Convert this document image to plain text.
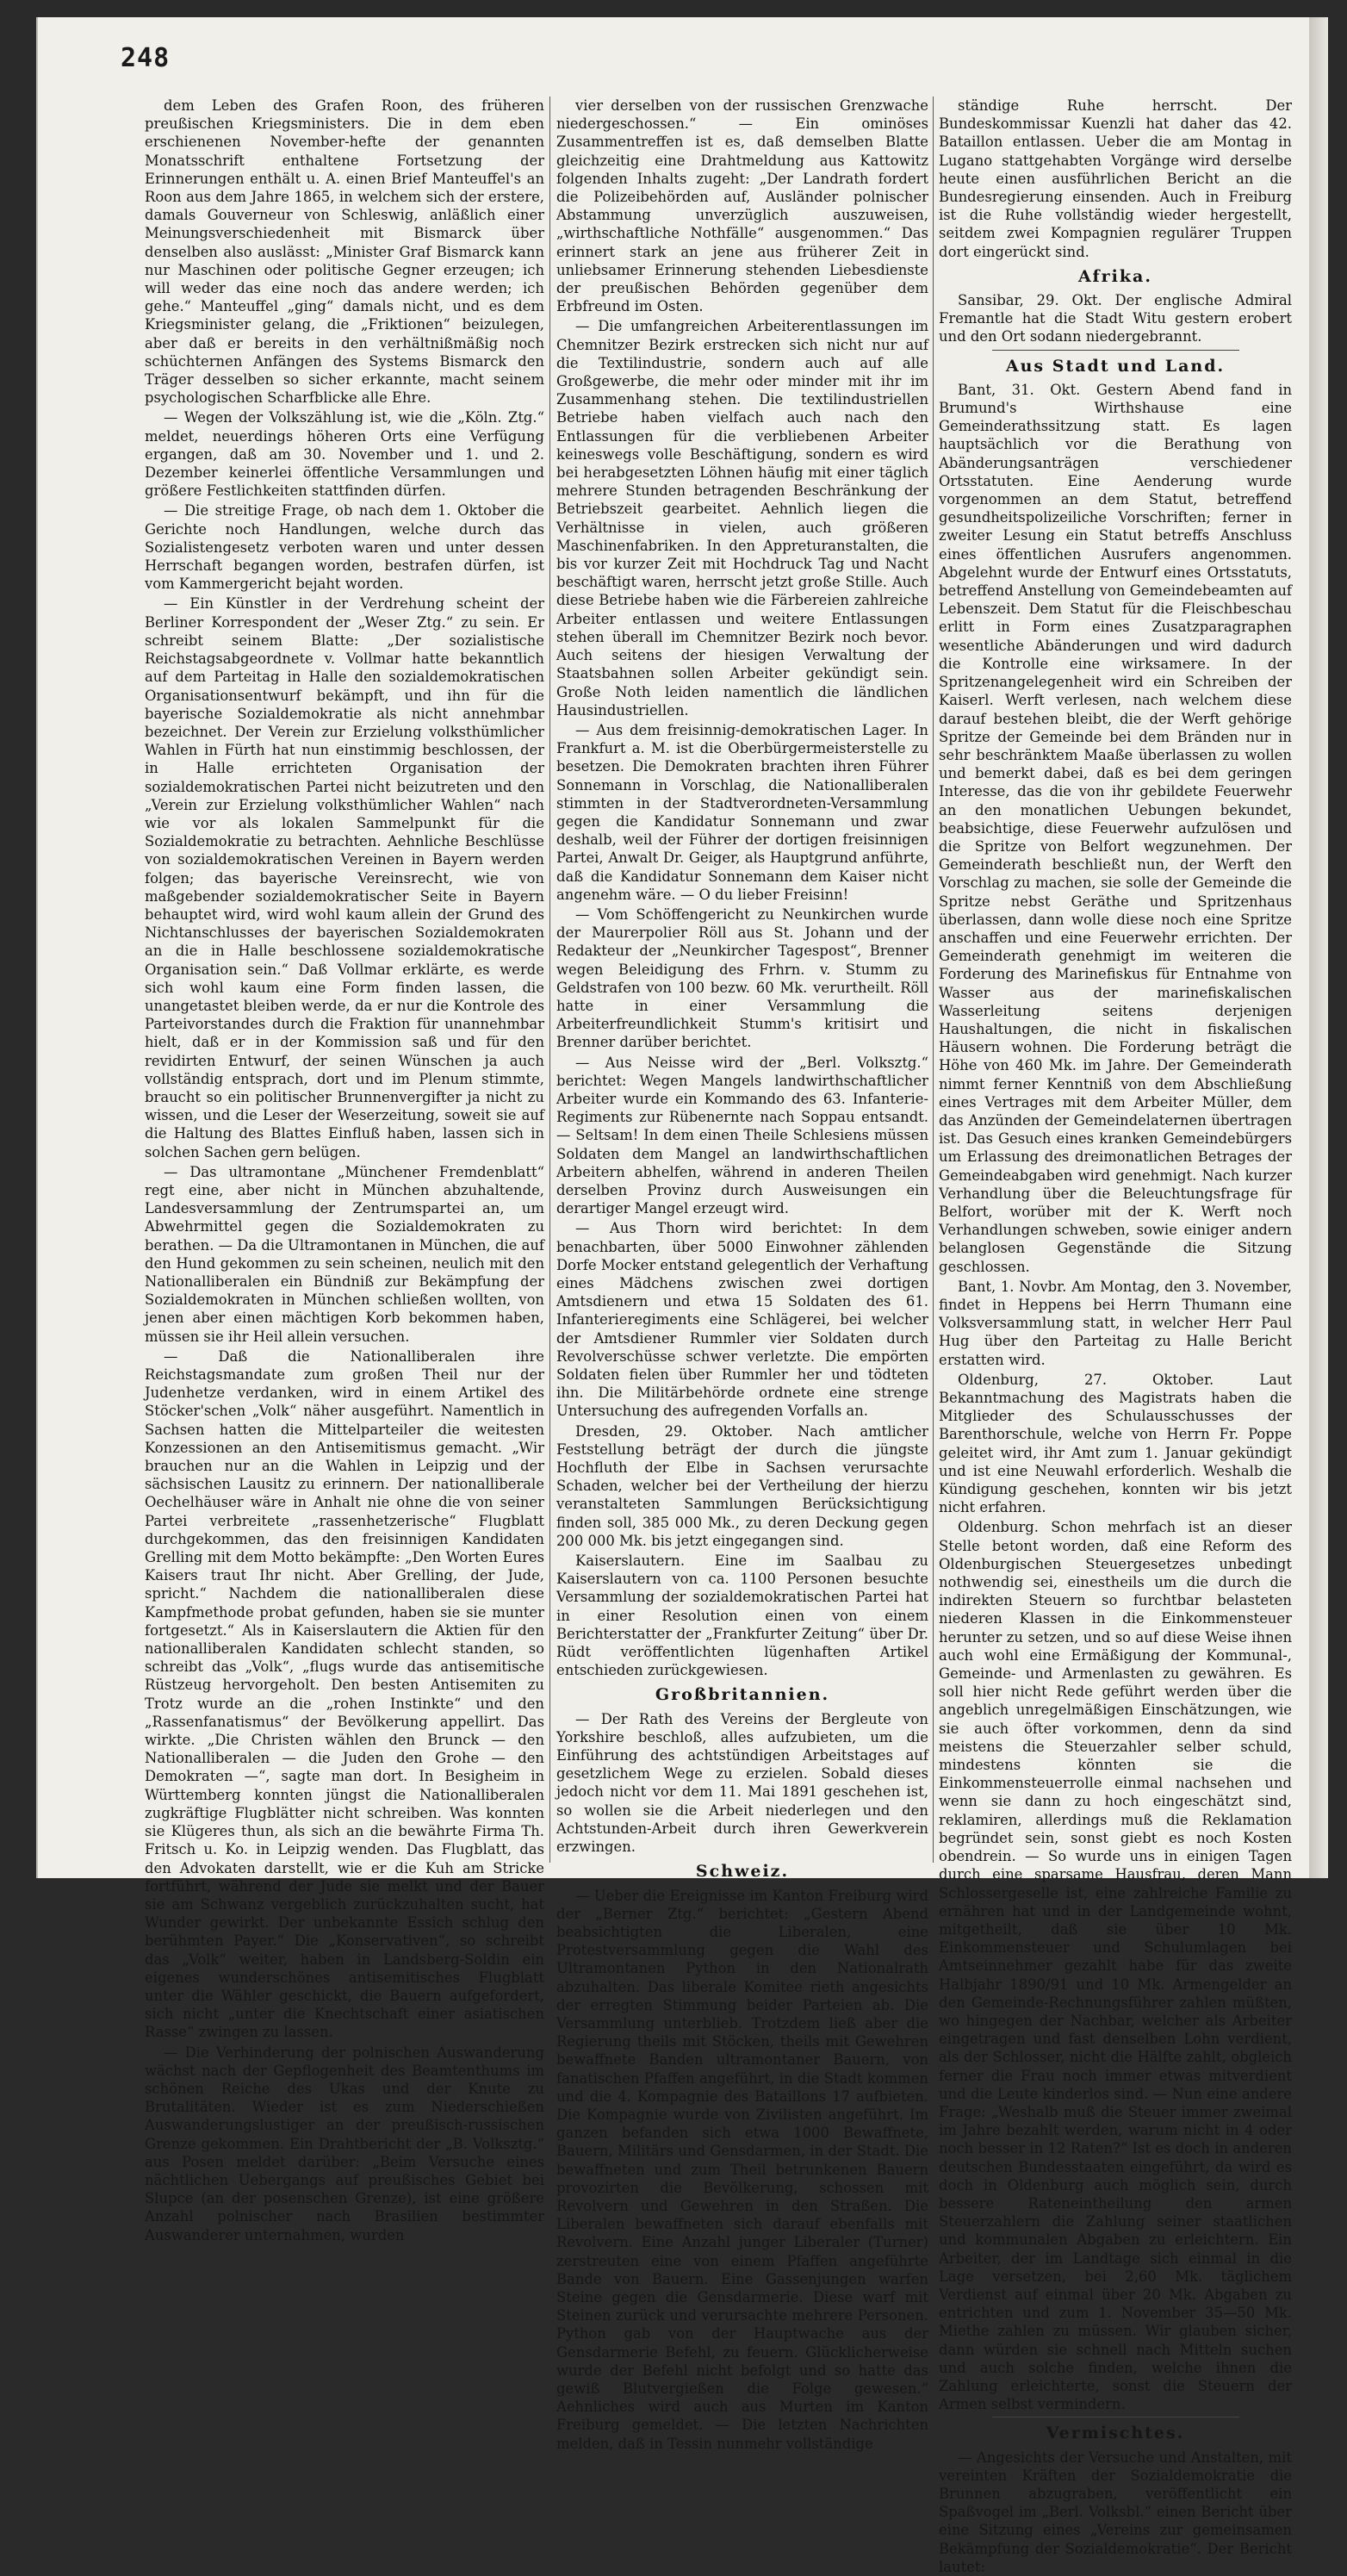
248

dem Leben des Grafen Roon, des früheren preußischen Kriegsministers. Die in dem eben erschienenen November-hefte der genannten Monatsschrift enthaltene Fortsetzung der Erinnerungen enthält u. A. einen Brief Manteuffel's an Roon aus dem Jahre 1865, in welchem sich der erstere, damals Gouverneur von Schleswig, anläßlich einer Meinungsverschiedenheit mit Bismarck über denselben also auslässt: „Minister Graf Bismarck kann nur Maschinen oder politische Gegner erzeugen; ich will weder das eine noch das andere werden; ich gehe.“ Manteuffel „ging“ damals nicht, und es dem Kriegsminister gelang, die „Friktionen“ beizulegen, aber daß er bereits in den verhältnißmäßig noch schüchternen Anfängen des Systems Bismarck den Träger desselben so sicher erkannte, macht seinem psychologischen Scharfblicke alle Ehre.

— Wegen der Volkszählung ist, wie die „Köln. Ztg.“ meldet, neuerdings höheren Orts eine Verfügung ergangen, daß am 30. November und 1. und 2. Dezember keinerlei öffentliche Versammlungen und größere Festlichkeiten stattfinden dürfen.

— Die streitige Frage, ob nach dem 1. Oktober die Gerichte noch Handlungen, welche durch das Sozialistengesetz verboten waren und unter dessen Herrschaft begangen worden, bestrafen dürfen, ist vom Kammergericht bejaht worden.

— Ein Künstler in der Verdrehung scheint der Berliner Korrespondent der „Weser Ztg.“ zu sein. Er schreibt seinem Blatte: „Der sozialistische Reichstagsabgeordnete v. Vollmar hatte bekanntlich auf dem Parteitag in Halle den sozialdemokratischen Organisationsentwurf bekämpft, und ihn für die bayerische Sozialdemokratie als nicht annehmbar bezeichnet. Der Verein zur Erzielung volksthümlicher Wahlen in Fürth hat nun einstimmig beschlossen, der in Halle errichteten Organisation der sozialdemokratischen Partei nicht beizutreten und den „Verein zur Erzielung volksthümlicher Wahlen“ nach wie vor als lokalen Sammelpunkt für die Sozialdemokratie zu betrachten. Aehnliche Beschlüsse von sozialdemokratischen Vereinen in Bayern werden folgen; das bayerische Vereinsrecht, wie von maßgebender sozialdemokratischer Seite in Bayern behauptet wird, wird wohl kaum allein der Grund des Nichtanschlusses der bayerischen Sozialdemokraten an die in Halle beschlossene sozialdemokratische Organisation sein.“ Daß Vollmar erklärte, es werde sich wohl kaum eine Form finden lassen, die unangetastet bleiben werde, da er nur die Kontrole des Parteivorstandes durch die Fraktion für unannehmbar hielt, daß er in der Kommission saß und für den revidirten Entwurf, der seinen Wünschen ja auch vollständig entsprach, dort und im Plenum stimmte, braucht so ein politischer Brunnenvergifter ja nicht zu wissen, und die Leser der Weserzeitung, soweit sie auf die Haltung des Blattes Einfluß haben, lassen sich in solchen Sachen gern belügen.

— Das ultramontane „Münchener Fremdenblatt“ regt eine, aber nicht in München abzuhaltende, Landesversammlung der Zentrumspartei an, um Abwehrmittel gegen die Sozialdemokraten zu berathen. — Da die Ultramontanen in München, die auf den Hund gekommen zu sein scheinen, neulich mit den Nationalliberalen ein Bündniß zur Bekämpfung der Sozialdemokraten in München schließen wollten, von jenen aber einen mächtigen Korb bekommen haben, müssen sie ihr Heil allein versuchen.

— Daß die Nationalliberalen ihre Reichstagsmandate zum großen Theil nur der Judenhetze verdanken, wird in einem Artikel des Stöcker'schen „Volk“ näher ausgeführt. Namentlich in Sachsen hatten die Mittelparteiler die weitesten Konzessionen an den Antisemitismus gemacht. „Wir brauchen nur an die Wahlen in Leipzig und der sächsischen Lausitz zu erinnern. Der nationalliberale Oechelhäuser wäre in Anhalt nie ohne die von seiner Partei verbreitete „rassenhetzerische“ Flugblatt durchgekommen, das den freisinnigen Kandidaten Grelling mit dem Motto bekämpfte: „Den Worten Eures Kaisers traut Ihr nicht. Aber Grelling, der Jude, spricht.“ Nachdem die nationalliberalen diese Kampfmethode probat gefunden, haben sie sie munter fortgesetzt.“ Als in Kaiserslautern die Aktien für den nationalliberalen Kandidaten schlecht standen, so schreibt das „Volk“, „flugs wurde das antisemitische Rüstzeug hervorgeholt. Den besten Antisemiten zu Trotz wurde an die „rohen Instinkte“ und den „Rassenfanatismus“ der Bevölkerung appellirt. Das wirkte. „Die Christen wählen den Brunck — den Nationalliberalen — die Juden den Grohe — den Demokraten —“, sagte man dort. In Besigheim in Württemberg konnten jüngst die Nationalliberalen zugkräftige Flugblätter nicht schreiben. Was konnten sie Klügeres thun, als sich an die bewährte Firma Th. Fritsch u. Ko. in Leipzig wenden. Das Flugblatt, das den Advokaten darstellt, wie er die Kuh am Stricke fortführt, während der Jude sie melkt und der Bauer sie am Schwanz vergeblich zurückzuhalten sucht, hat Wunder gewirkt. Der unbekannte Essich schlug den berühmten Payer.“ Die „Konservativen“, so schreibt das „Volk“ weiter, haben in Landsberg-Soldin ein eigenes wunderschönes antisemitisches Flugblatt unter die Wähler geschickt, die Bauern aufgefordert, sich nicht „unter die Knechtschaft einer asiatischen Rasse“ zwingen zu lassen.

— Die Verhinderung der polnischen Auswanderung wächst nach der Gepflogenheit des Beamtenthums im schönen Reiche des Ukas und der Knute zu Brutalitäten. Wieder ist es zum Niederschießen Auswanderungslustiger an der preußisch-russischen Grenze gekommen. Ein Drahtbericht der „B. Volksztg.“ aus Posen meldet darüber: „Beim Versuche eines nächtlichen Uebergangs auf preußisches Gebiet bei Slupce (an der posenschen Grenze), ist eine größere Anzahl polnischer nach Brasilien bestimmter Auswanderer unternahmen, wurden

vier derselben von der russischen Grenzwache niedergeschossen.“ — Ein ominöses Zusammentreffen ist es, daß demselben Blatte gleichzeitig eine Drahtmeldung aus Kattowitz folgenden Inhalts zugeht: „Der Landrath fordert die Polizeibehörden auf, Ausländer polnischer Abstammung unverzüglich auszuweisen, „wirthschaftliche Nothfälle“ ausgenommen.“ Das erinnert stark an jene aus früherer Zeit in unliebsamer Erinnerung stehenden Liebesdienste der preußischen Behörden gegenüber dem Erbfreund im Osten.

— Die umfangreichen Arbeiterentlassungen im Chemnitzer Bezirk erstrecken sich nicht nur auf die Textilindustrie, sondern auch auf alle Großgewerbe, die mehr oder minder mit ihr im Zusammenhang stehen. Die textilindustriellen Betriebe haben vielfach auch nach den Entlassungen für die verbliebenen Arbeiter keineswegs volle Beschäftigung, sondern es wird bei herabgesetzten Löhnen häufig mit einer täglich mehrere Stunden betragenden Beschränkung der Betriebszeit gearbeitet. Aehnlich liegen die Verhältnisse in vielen, auch größeren Maschinenfabriken. In den Appreturanstalten, die bis vor kurzer Zeit mit Hochdruck Tag und Nacht beschäftigt waren, herrscht jetzt große Stille. Auch diese Betriebe haben wie die Färbereien zahlreiche Arbeiter entlassen und weitere Entlassungen stehen überall im Chemnitzer Bezirk noch bevor. Auch seitens der hiesigen Verwaltung der Staatsbahnen sollen Arbeiter gekündigt sein. Große Noth leiden namentlich die ländlichen Hausindustriellen.

— Aus dem freisinnig-demokratischen Lager. In Frankfurt a. M. ist die Oberbürgermeisterstelle zu besetzen. Die Demokraten brachten ihren Führer Sonnemann in Vorschlag, die Nationalliberalen stimmten in der Stadtverordneten-Versammlung gegen die Kandidatur Sonnemann und zwar deshalb, weil der Führer der dortigen freisinnigen Partei, Anwalt Dr. Geiger, als Hauptgrund anführte, daß die Kandidatur Sonnemann dem Kaiser nicht angenehm wäre. — O du lieber Freisinn!

— Vom Schöffengericht zu Neunkirchen wurde der Maurerpolier Röll aus St. Johann und der Redakteur der „Neunkircher Tagespost“, Brenner wegen Beleidigung des Frhrn. v. Stumm zu Geldstrafen von 100 bezw. 60 Mk. verurtheilt. Röll hatte in einer Versammlung die Arbeiterfreundlichkeit Stumm's kritisirt und Brenner darüber berichtet.

— Aus Neisse wird der „Berl. Volksztg.“ berichtet: Wegen Mangels landwirthschaftlicher Arbeiter wurde ein Kommando des 63. Infanterie-Regiments zur Rübenernte nach Soppau entsandt. — Seltsam! In dem einen Theile Schlesiens müssen Soldaten dem Mangel an landwirthschaftlichen Arbeitern abhelfen, während in anderen Theilen derselben Provinz durch Ausweisungen ein derartiger Mangel erzeugt wird.

— Aus Thorn wird berichtet: In dem benachbarten, über 5000 Einwohner zählenden Dorfe Mocker entstand gelegentlich der Verhaftung eines Mädchens zwischen zwei dortigen Amtsdienern und etwa 15 Soldaten des 61. Infanterieregiments eine Schlägerei, bei welcher der Amtsdiener Rummler vier Soldaten durch Revolverschüsse schwer verletzte. Die empörten Soldaten fielen über Rummler her und tödteten ihn. Die Militärbehörde ordnete eine strenge Untersuchung des aufregenden Vorfalls an.

Dresden, 29. Oktober. Nach amtlicher Feststellung beträgt der durch die jüngste Hochfluth der Elbe in Sachsen verursachte Schaden, welcher bei der Vertheilung der hierzu veranstalteten Sammlungen Berücksichtigung finden soll, 385 000 Mk., zu deren Deckung gegen 200 000 Mk. bis jetzt eingegangen sind.

Kaiserslautern. Eine im Saalbau zu Kaiserslautern von ca. 1100 Personen besuchte Versammlung der sozialdemokratischen Partei hat in einer Resolution einen von einem Berichterstatter der „Frankfurter Zeitung“ über Dr. Rüdt veröffentlichten lügenhaften Artikel entschieden zurückgewiesen.

Großbritannien.

— Der Rath des Vereins der Bergleute von Yorkshire beschloß, alles aufzubieten, um die Einführung des achtstündigen Arbeitstages auf gesetzlichem Wege zu erzielen. Sobald dieses jedoch nicht vor dem 11. Mai 1891 geschehen ist, so wollen sie die Arbeit niederlegen und den Achtstunden-Arbeit durch ihren Gewerkverein erzwingen.

Schweiz.

— Ueber die Ereignisse im Kanton Freiburg wird der „Berner Ztg.“ berichtet: „Gestern Abend beabsichtigten die Liberalen, eine Protestversammlung gegen die Wahl des Ultramontanen Python in den Nationalrath abzuhalten. Das liberale Komitee rieth angesichts der erregten Stimmung beider Parteien ab. Die Versammlung unterblieb. Trotzdem ließ aber die Regierung theils mit Stöcken, theils mit Gewehren bewaffnete Banden ultramontaner Bauern, von fanatischen Pfaffen angeführt, in die Stadt kommen und die 4. Kompagnie des Bataillons 17 aufbieten. Die Kompagnie wurde von Zivilisten angeführt. Im ganzen befanden sich etwa 1000 Bewaffnete, Bauern, Militärs und Gensdarmen, in der Stadt. Die bewaffneten und zum Theil betrunkenen Bauern provozirten die Bevölkerung, schossen mit Revolvern und Gewehren in den Straßen. Die Liberalen bewaffneten sich darauf ebenfalls mit Revolvern. Eine Anzahl junger Liberaler (Turner) zerstreuten eine von einem Pfaffen angeführte Bande von Bauern. Eine Gassenjungen warfen Steine gegen die Gensdarmerie. Diese warf mit Steinen zurück und verursachte mehrere Personen. Python gab von der Hauptwache aus der Gensdarmerie Befehl, zu feuern. Glücklicherweise wurde der Befehl nicht befolgt und so hatte das gewiß Blutvergießen die Folge gewesen.“ Aehnliches wird auch aus Murten im Kanton Freiburg gemeldet. — Die letzten Nachrichten melden, daß in Tessin nunmehr vollständige

ständige Ruhe herrscht. Der Bundeskommissar Kuenzli hat daher das 42. Bataillon entlassen. Ueber die am Montag in Lugano stattgehabten Vorgänge wird derselbe heute einen ausführlichen Bericht an die Bundesregierung einsenden. Auch in Freiburg ist die Ruhe vollständig wieder hergestellt, seitdem zwei Kompagnien regulärer Truppen dort eingerückt sind.

Afrika.

Sansibar, 29. Okt. Der englische Admiral Fremantle hat die Stadt Witu gestern erobert und den Ort sodann niedergebrannt.

Aus Stadt und Land.

Bant, 31. Okt. Gestern Abend fand in Brumund's Wirthshause eine Gemeinderathssitzung statt. Es lagen hauptsächlich vor die Berathung von Abänderungsanträgen verschiedener Ortsstatuten. Eine Aenderung wurde vorgenommen an dem Statut, betreffend gesundheitspolizeiliche Vorschriften; ferner in zweiter Lesung ein Statut betreffs Anschluss eines öffentlichen Ausrufers angenommen. Abgelehnt wurde der Entwurf eines Ortsstatuts, betreffend Anstellung von Gemeindebeamten auf Lebenszeit. Dem Statut für die Fleischbeschau erlitt in Form eines Zusatzparagraphen wesentliche Abänderungen und wird dadurch die Kontrolle eine wirksamere. In der Spritzenangelegenheit wird ein Schreiben der Kaiserl. Werft verlesen, nach welchem diese darauf bestehen bleibt, die der Werft gehörige Spritze der Gemeinde bei dem Bränden nur in sehr beschränktem Maaße überlassen zu wollen und bemerkt dabei, daß es bei dem geringen Interesse, das die von ihr gebildete Feuerwehr an den monatlichen Uebungen bekundet, beabsichtige, diese Feuerwehr aufzulösen und die Spritze von Belfort wegzunehmen. Der Gemeinderath beschließt nun, der Werft den Vorschlag zu machen, sie solle der Gemeinde die Spritze nebst Geräthe und Spritzenhaus überlassen, dann wolle diese noch eine Spritze anschaffen und eine Feuerwehr errichten. Der Gemeinderath genehmigt im weiteren die Forderung des Marinefiskus für Entnahme von Wasser aus der marinefiskalischen Wasserleitung seitens derjenigen Haushaltungen, die nicht in fiskalischen Häusern wohnen. Die Forderung beträgt die Höhe von 460 Mk. im Jahre. Der Gemeinderath nimmt ferner Kenntniß von dem Abschließung eines Vertrages mit dem Arbeiter Müller, dem das Anzünden der Gemeindelaternen übertragen ist. Das Gesuch eines kranken Gemeindebürgers um Erlassung des dreimonatlichen Betrages der Gemeindeabgaben wird genehmigt. Nach kurzer Verhandlung über die Beleuchtungsfrage für Belfort, worüber mit der K. Werft noch Verhandlungen schweben, sowie einiger andern belanglosen Gegenstände die Sitzung geschlossen.

Bant, 1. Novbr. Am Montag, den 3. November, findet in Heppens bei Herrn Thumann eine Volksversammlung statt, in welcher Herr Paul Hug über den Parteitag zu Halle Bericht erstatten wird.

Oldenburg, 27. Oktober. Laut Bekanntmachung des Magistrats haben die Mitglieder des Schulausschusses der Barenthorschule, welche von Herrn Fr. Poppe geleitet wird, ihr Amt zum 1. Januar gekündigt und ist eine Neuwahl erforderlich. Weshalb die Kündigung geschehen, konnten wir bis jetzt nicht erfahren.

Oldenburg. Schon mehrfach ist an dieser Stelle betont worden, daß eine Reform des Oldenburgischen Steuergesetzes unbedingt nothwendig sei, einestheils um die durch die indirekten Steuern so furchtbar belasteten niederen Klassen in die Einkommensteuer herunter zu setzen, und so auf diese Weise ihnen auch wohl eine Ermäßigung der Kommunal-, Gemeinde- und Armenlasten zu gewähren. Es soll hier nicht Rede geführt werden über die angeblich unregelmäßigen Einschätzungen, wie sie auch öfter vorkommen, denn da sind meistens die Steuerzahler selber schuld, mindestens könnten sie die Einkommensteuerrolle einmal nachsehen und wenn sie dann zu hoch eingeschätzt sind, reklamiren, allerdings muß die Reklamation begründet sein, sonst giebt es noch Kosten obendrein. — So wurde uns in einigen Tagen durch eine sparsame Hausfrau, deren Mann Schlossergeselle ist, eine zahlreiche Familie zu ernähren hat und in der Landgemeinde wohnt, mitgetheilt, daß sie über 10 Mk. Einkommensteuer und Schulumlagen bei Amtseinnehmer gezahlt habe für das zweite Halbjahr 1890/91 und 10 Mk. Armengelder an den Gemeinde-Rechnungsführer zahlen müßten, wo hingegen der Nachbar, welcher als Arbeiter eingetragen und fast denselben Lohn verdient, als der Schlosser, nicht die Hälfte zahlt, obgleich ferner die Frau noch immer etwas mitverdient und die Leute kinderlos sind. — Nun eine andere Frage: „Weshalb muß die Steuer immer zweimal im Jahre bezahlt werden, warum nicht in 4 oder noch besser in 12 Raten?“ Ist es doch in anderen deutschen Bundesstaaten eingeführt, da wird es doch in Oldenburg auch möglich sein, durch bessere Rateneintheilung den armen Steuerzahlern die Zahlung seiner staatlichen und kommunalen Abgaben zu erleichtern. Ein Arbeiter, der im Landtage sich einmal in die Lage versetzen, bei 2,60 Mk. täglichem Verdienst auf einmal über 20 Mk. Abgaben zu entrichten und zum 1. November 35—50 Mk. Miethe zahlen zu müssen. Wir glauben sicher, dann würden sie schnell nach Mitteln suchen und auch solche finden, welche ihnen die Zahlung erleichterte, sonst die Steuern der Armen selbst vermindern.

Vermischtes.

— Angesichts der Versuche und Anstalten, mit vereinten Kräften der Sozialdemokratie die Brunnen abzugraben, veröffentlicht ein Spaßvogel im „Berl. Volksbl.“ einen Bericht über eine Sitzung eines „Vereins zur gemeinsamen Bekämpfung der Sozialdemokratie“. Der Bericht lautet:
